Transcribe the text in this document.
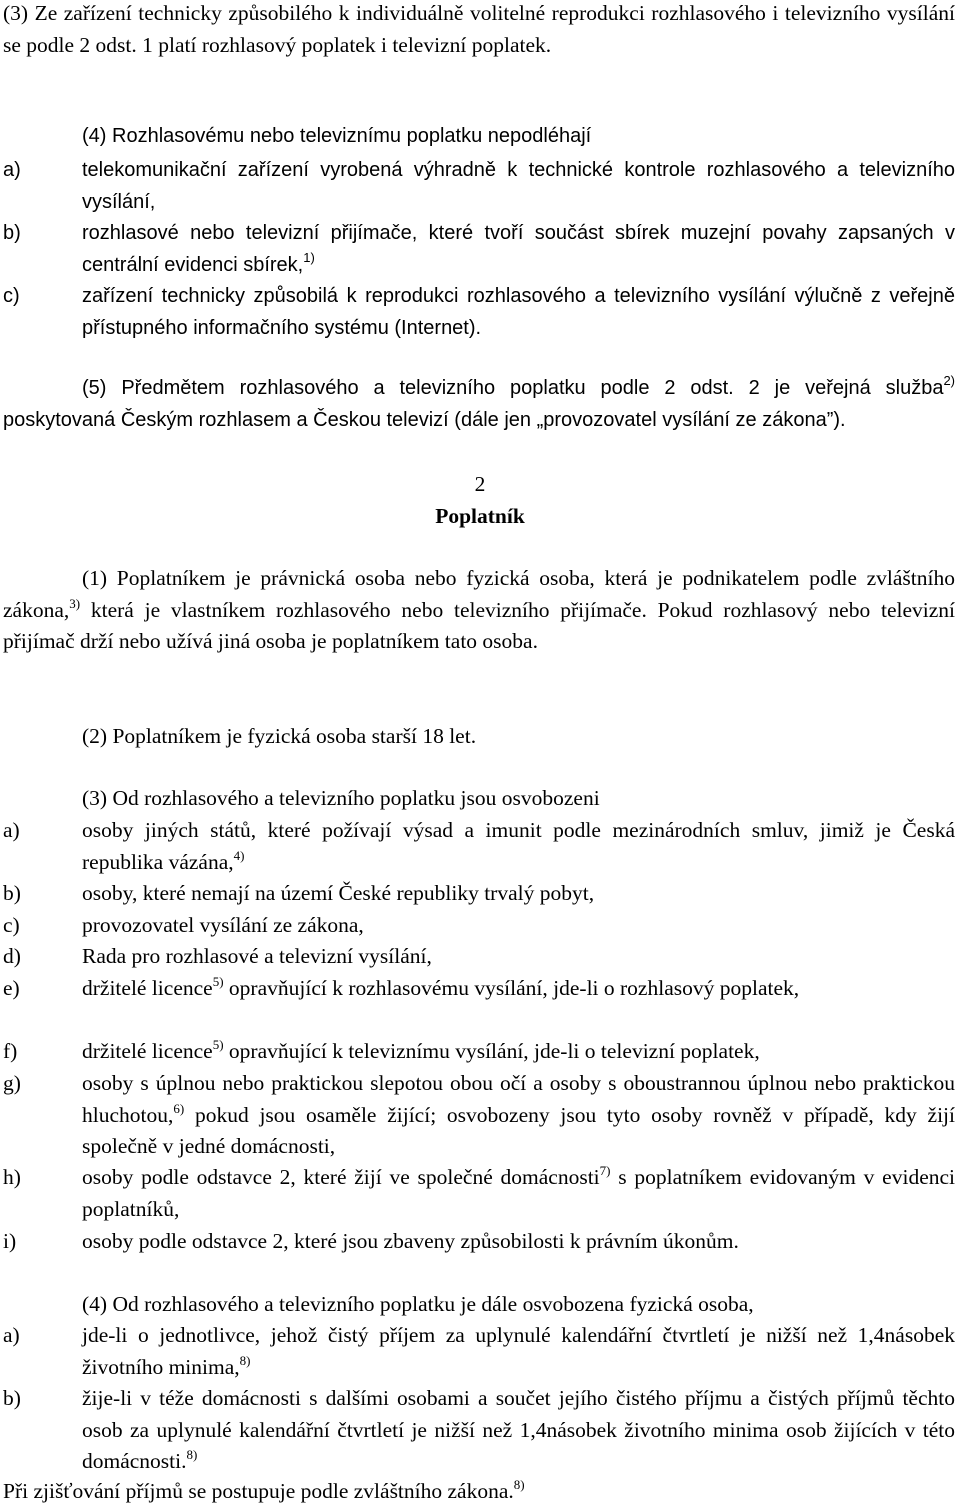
(3) Ze zařízení technicky způsobilého k individuálně volitelné reprodukci rozhlasového i televizního vysílání se podle 2 odst. 1 platí rozhlasový poplatek i televizní poplatek.

(4) Rozhlasovému nebo televiznímu poplatku nepodléhají

a)	telekomunikační zařízení vyrobená výhradně k technické kontrole rozhlasového a televizního vysílání,
b)	rozhlasové nebo televizní přijímače, které tvoří součást sbírek muzejní povahy zapsaných v centrální evidenci sbírek,$^{1)}$
c)	zařízení technicky způsobilá k reprodukci rozhlasového a televizního vysílání výlučně z veřejně přístupného informačního systému (Internet).

(5) Předmětem rozhlasového a televizního poplatku podle 2 odst. 2 je veřejná služba$^{2)}$ poskytovaná Českým rozhlasem a Českou televizí (dále jen „provozovatel vysílání ze zákona”).

2
Poplatník

(1) Poplatníkem je právnická osoba nebo fyzická osoba, která je podnikatelem podle zvláštního zákona,$^{3)}$ která je vlastníkem rozhlasového nebo televizního přijímače. Pokud rozhlasový nebo televizní přijímač drží nebo užívá jiná osoba je poplatníkem tato osoba.

(2) Poplatníkem je fyzická osoba starší 18 let.

(3) Od rozhlasového a televizního poplatku jsou osvobozeni

a)	osoby jiných států, které požívají výsad a imunit podle mezinárodních smluv, jimiž je Česká republika vázána,$^{4)}$
b)	osoby, které nemají na území České republiky trvalý pobyt,
c)	provozovatel vysílání ze zákona,
d)	Rada pro rozhlasové a televizní vysílání,
e)	držitelé licence$^{5)}$ opravňující k rozhlasovému vysílání, jde-li o rozhlasový poplatek,
f)	držitelé licence$^{5)}$ opravňující k televiznímu vysílání, jde-li o televizní poplatek,
g)	osoby s úplnou nebo praktickou slepotou obou očí a osoby s oboustrannou úplnou nebo praktickou hluchotou,$^{6)}$ pokud jsou osaměle žijící; osvobozeny jsou tyto osoby rovněž v případě, kdy žijí společně v jedné domácnosti,
h)	osoby podle odstavce 2, které žijí ve společné domácnosti$^{7)}$ s poplatníkem evidovaným v evidenci poplatníků,
i)	osoby podle odstavce 2, které jsou zbaveny způsobilosti k právním úkonům.

(4) Od rozhlasového a televizního poplatku je dále osvobozena fyzická osoba,

a)	jde-li o jednotlivce, jehož čistý příjem za uplynulé kalendářní čtvrtletí je nižší než 1,4násobek životního minima,$^{8)}$
b)	žije-li v téže domácnosti s dalšími osobami a součet jejího čistého příjmu a čistých příjmů těchto osob za uplynulé kalendářní čtvrtletí je nižší než 1,4násobek životního minima osob žijících v této domácnosti.$^{8)}$

Při zjišťování příjmů se postupuje podle zvláštního zákona.$^{8)}$
